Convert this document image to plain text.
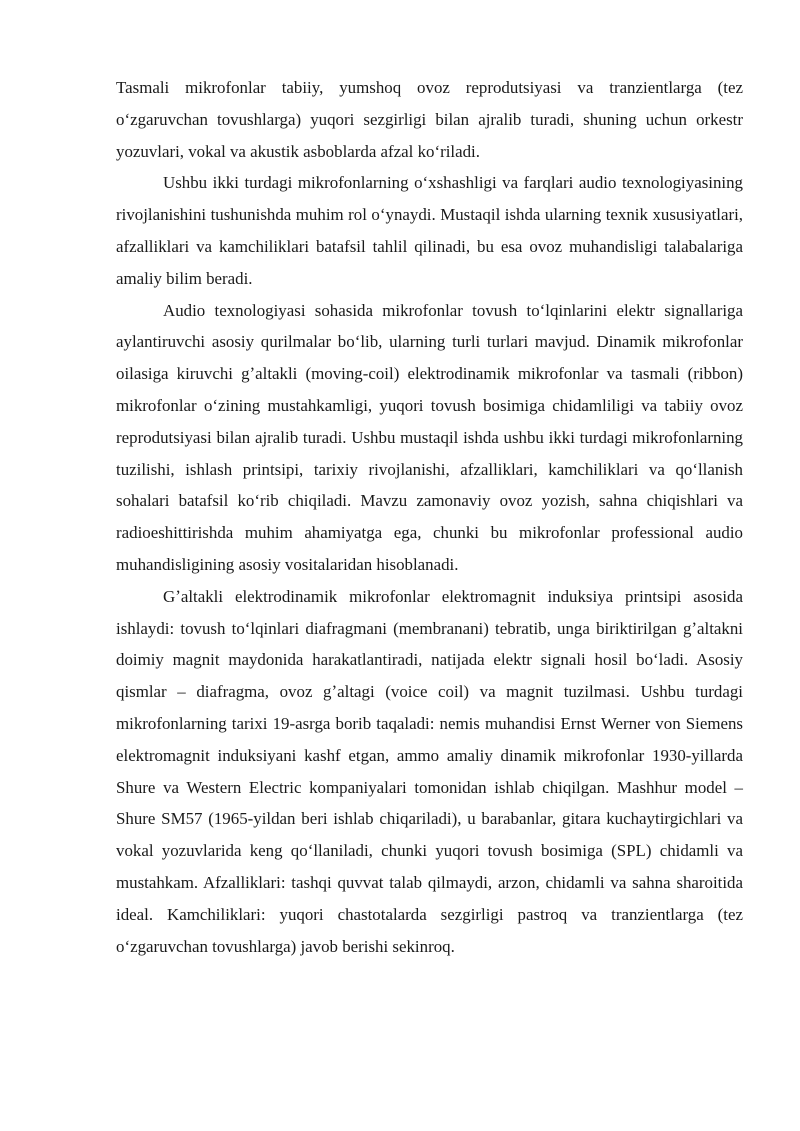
Tasmali mikrofonlar tabiiy, yumshoq ovoz reprodutsiyasi va tranzientlarga (tez oʻzgaruvchan tovushlarga) yuqori sezgirligi bilan ajralib turadi, shuning uchun orkestr yozuvlari, vokal va akustik asboblarda afzal koʻriladi.

Ushbu ikki turdagi mikrofonlarning oʻxshashligi va farqlari audio texnologiyasining rivojlanishini tushunishda muhim rol oʻynaydi. Mustaqil ishda ularning texnik xususiyatlari, afzalliklari va kamchiliklari batafsil tahlil qilinadi, bu esa ovoz muhandisligi talabalariga amaliy bilim beradi.

Audio texnologiyasi sohasida mikrofonlar tovush toʻlqinlarini elektr signallariga aylantiruvchi asosiy qurilmalar boʻlib, ularning turli turlari mavjud. Dinamik mikrofonlar oilasiga kiruvchi gʼaltakli (moving-coil) elektrodinamik mikrofonlar va tasmali (ribbon) mikrofonlar oʻzining mustahkamligi, yuqori tovush bosimiga chidamliligi va tabiiy ovoz reprodutsiyasi bilan ajralib turadi. Ushbu mustaqil ishda ushbu ikki turdagi mikrofonlarning tuzilishi, ishlash printsipi, tarixiy rivojlanishi, afzalliklari, kamchiliklari va qoʻllanish sohalari batafsil koʻrib chiqiladi. Mavzu zamonaviy ovoz yozish, sahna chiqishlari va radioeshittirishda muhim ahamiyatga ega, chunki bu mikrofonlar professional audio muhandisligining asosiy vositalaridan hisoblanadi.

Gʼaltakli elektrodinamik mikrofonlar elektromagnit induksiya printsipi asosida ishlaydi: tovush toʻlqinlari diafragmani (membranani) tebratib, unga biriktirilgan gʼaltakni doimiy magnit maydonida harakatlantiradi, natijada elektr signali hosil boʻladi. Asosiy qismlar – diafragma, ovoz gʼaltagi (voice coil) va magnit tuzilmasi. Ushbu turdagi mikrofonlarning tarixi 19-asrga borib taqaladi: nemis muhandisi Ernst Werner von Siemens elektromagnit induksiyani kashf etgan, ammo amaliy dinamik mikrofonlar 1930-yillarda Shure va Western Electric kompaniyalari tomonidan ishlab chiqilgan. Mashhur model – Shure SM57 (1965-yildan beri ishlab chiqariladi), u barabanlar, gitara kuchaytirgichlari va vokal yozuvlarida keng qoʻllaniladi, chunki yuqori tovush bosimiga (SPL) chidamli va mustahkam. Afzalliklari: tashqi quvvat talab qilmaydi, arzon, chidamli va sahna sharoitida ideal. Kamchiliklari: yuqori chastotalarda sezgirligi pastroq va tranzientlarga (tez oʻzgaruvchan tovushlarga) javob berishi sekinroq.
